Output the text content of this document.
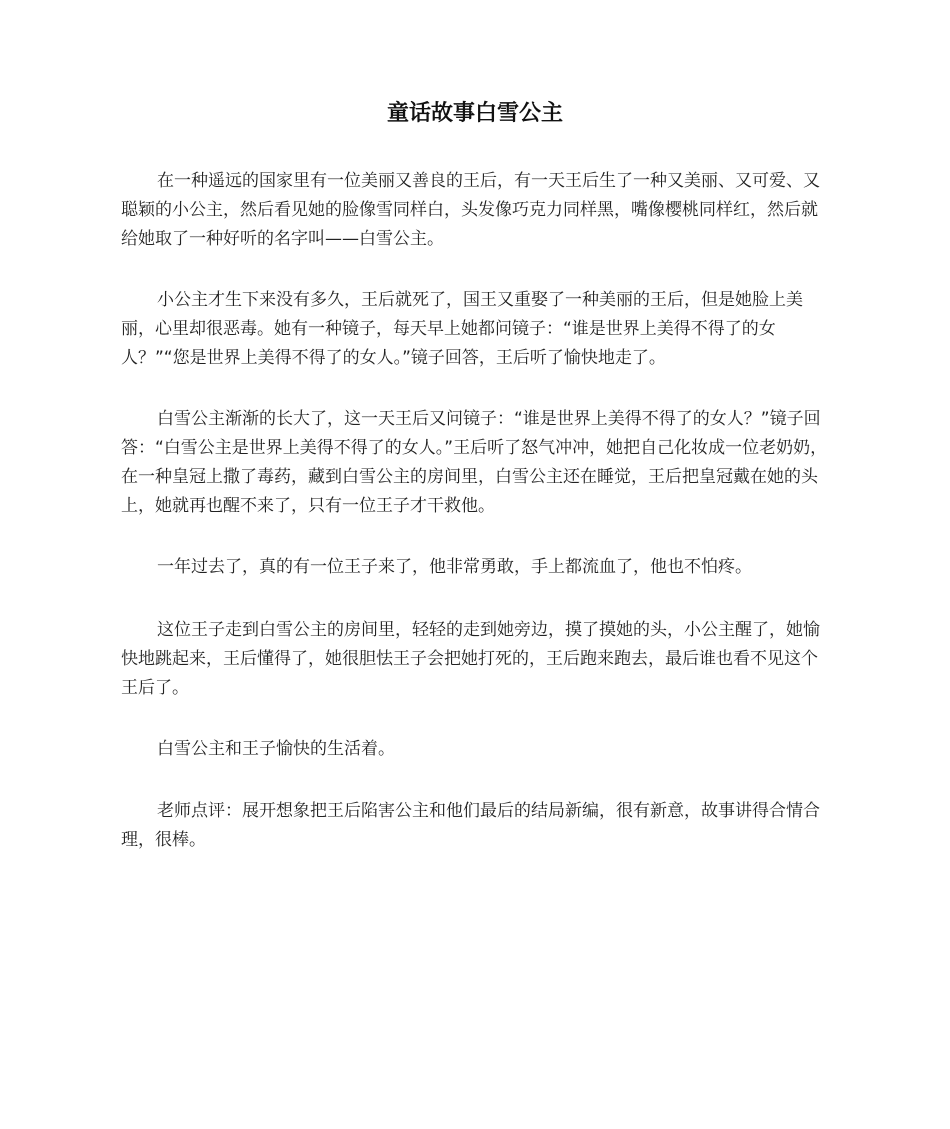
童话故事白雪公主

在一种遥远的国家里有一位美丽又善良的王后，有一天王后生了一种又美丽、又可爱、又聪颖的小公主，然后看见她的脸像雪同样白，头发像巧克力同样黑，嘴像樱桃同样红，然后就给她取了一种好听的名字叫——白雪公主。

小公主才生下来没有多久，王后就死了，国王又重娶了一种美丽的王后，但是她脸上美丽，心里却很恶毒。她有一种镜子，每天早上她都问镜子：“谁是世界上美得不得了的女人？”“您是世界上美得不得了的女人。”镜子回答，王后听了愉快地走了。

白雪公主渐渐的长大了，这一天王后又问镜子：“谁是世界上美得不得了的女人？”镜子回答：“白雪公主是世界上美得不得了的女人。”王后听了怒气冲冲，她把自己化妆成一位老奶奶，在一种皇冠上撒了毒药，藏到白雪公主的房间里，白雪公主还在睡觉，王后把皇冠戴在她的头上，她就再也醒不来了，只有一位王子才干救他。

一年过去了，真的有一位王子来了，他非常勇敢，手上都流血了，他也不怕疼。

这位王子走到白雪公主的房间里，轻轻的走到她旁边，摸了摸她的头，小公主醒了，她愉快地跳起来，王后懂得了，她很胆怯王子会把她打死的，王后跑来跑去，最后谁也看不见这个王后了。

白雪公主和王子愉快的生活着。

老师点评：展开想象把王后陷害公主和他们最后的结局新编，很有新意，故事讲得合情合理，很棒。
